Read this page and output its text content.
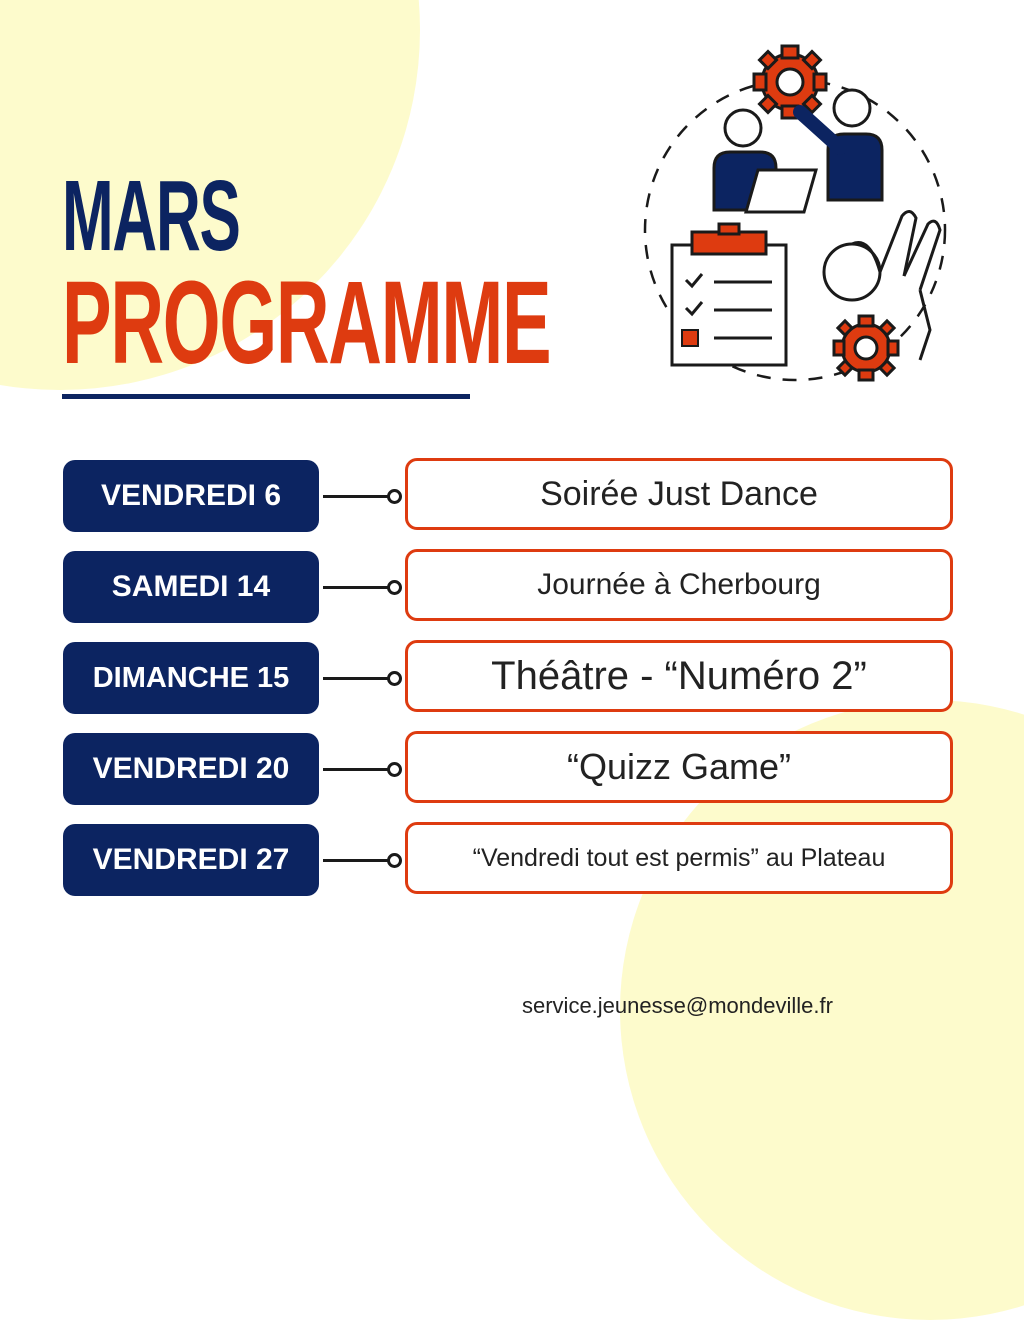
MARS
PROGRAMME
VENDREDI 6	Soirée Just Dance
SAMEDI 14	Journée à Cherbourg
DIMANCHE 15	Théâtre - “Numéro 2”
VENDREDI 20	“Quizz Game”
VENDREDI 27	“Vendredi tout est permis” au Plateau
service.jeunesse@mondeville.fr
